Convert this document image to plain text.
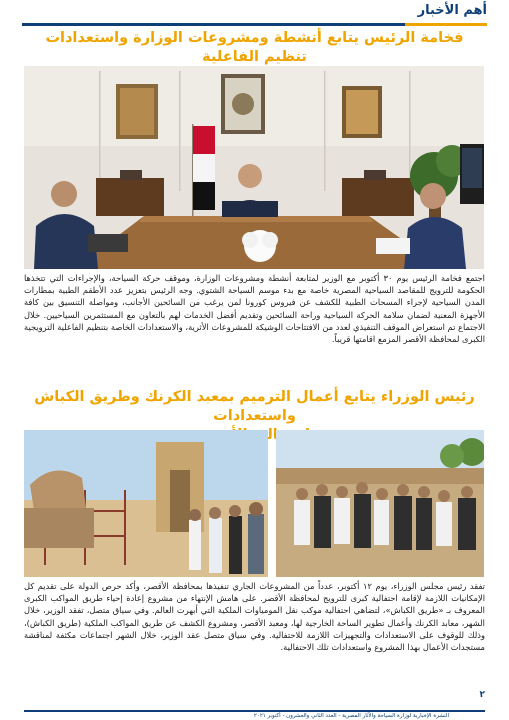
أهم الأخبار
فخامة الرئيس يتابع أنشطة ومشروعات الوزارة واستعدادات تنظيم الفاعلية
اجتمع فخامة الرئيس يوم ٣٠ أكتوبر مع الوزير لمتابعة أنشطة ومشروعات الوزارة، وموقف حركة السياحة، والإجراءات التي تتخذها الحكومة للترويج للمقاصد السياحية المصرية خاصة مع بدء موسم السياحة الشتوي. وجه الرئيس بتعزيز عدد الأطقم الطبية بمطارات المدن السياحية لإجراء المسحات الطبية للكشف عن فيروس كورونا لمن يرغب من السائحين الأجانب، ومواصلة التنسيق بين كافة الأجهزة المعنية لضمان سلامة الحركة السياحية وراحة السائحين وتقديم أفضل الخدمات لهم بالتعاون مع المستثمرين السياحيين. خلال الاجتماع تم استعراض الموقف التنفيذي لعدد من الافتتاحات الوشيكة للمشروعات الأثرية، والاستعدادات الخاصة بتنظيم الفاعلية الترويجية الكبرى لمحافظة الأقصر المزمع اقامتها قريباً.
رئيس الوزراء يتابع أعمال الترميم بمعبد الكرنك وطريق الكباش واستعدادات
تفقد رئيس مجلس الوزراء، يوم ١٢ أكتوبر، عدداً من المشروعات الجاري تنفيذها بمحافظة الأقصر، وأكد حرص الدولة على تقديم كل الإمكانيات اللازمة لإقامة احتفالية كبرى للترويج لمحافظة الأقصر. على هامش الإنتهاء من مشروع إعادة إحياء طريق المواكب الكبرى المعروف بـ «طريق الكباش»، لتضاهي احتفالية موكب نقل المومياوات الملكية التي أبهرت العالم. وفي سياق متصل، تفقد الوزير، خلال الشهر، معابد الكرنك وأعمال تطوير الساحة الخارجية لها، ومعبد الأقصر، ومشروع الكشف عن طريق المواكب الملكية (طريق الكباش)، وذلك للوقوف على الاستعدادات والتجهيزات اللازمة للاحتفالية. وفي سياق متصل عقد الوزير، خلال الشهر اجتماعات مكثفة لمناقشة مستجدات الأعمال بهذا المشروع واستعدادات تلك الاحتفالية.
٢
النشرة الإخبارية لوزارة السياحة والآثار المصرية - العدد الثاني والعشرون - أكتوبر ٢٠٢١
